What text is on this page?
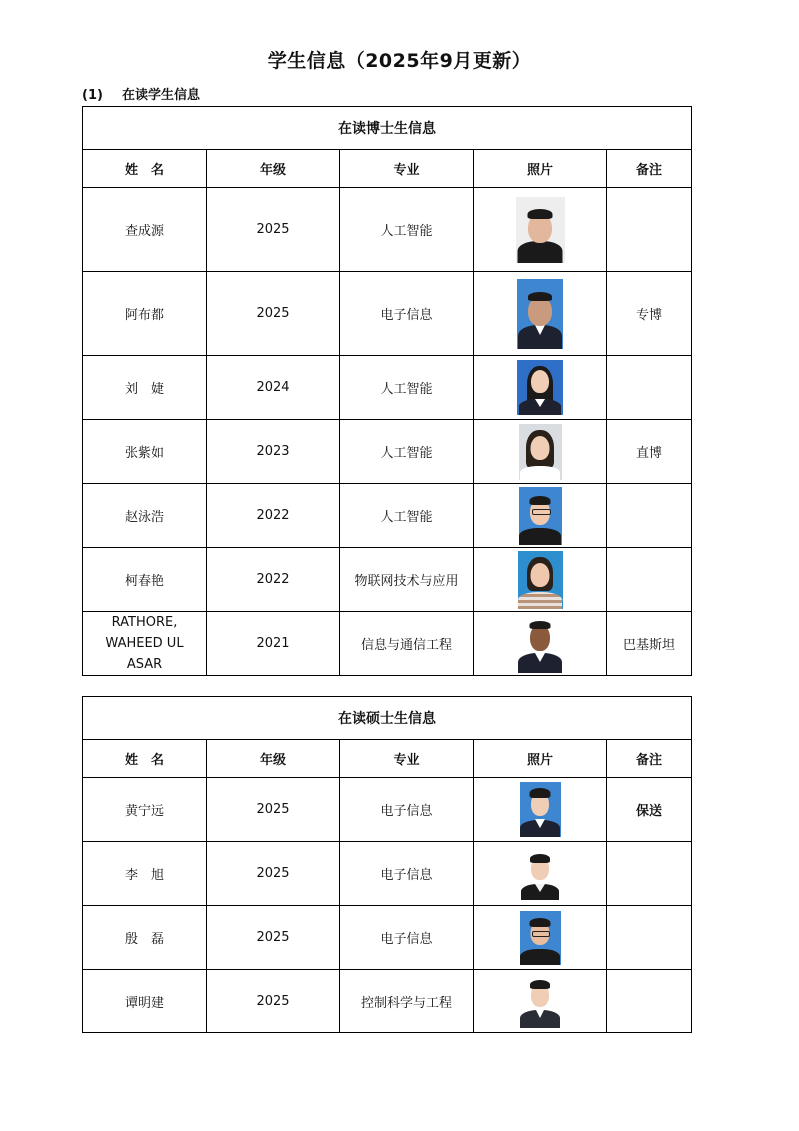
学生信息（2025年9月更新）
(1) 在读学生信息
在读博士生信息				
姓　名	年级	专业	照片	备注
查成源	2025	人工智能	

阿布都	2025	电子信息		专博
刘　婕	2024	人工智能	

张紫如	2023	人工智能		直博
赵泳浩	2022	人工智能	

柯春艳	2022	物联网技术与应用	

RATHORE, WAHEED UL ASAR	2021	信息与通信工程		巴基斯坦
在读硕士生信息				
姓　名	年级	专业	照片	备注
黄宁远	2025	电子信息		保送
李　旭	2025	电子信息	

殷　磊	2025	电子信息	

谭明建	2025	控制科学与工程	
